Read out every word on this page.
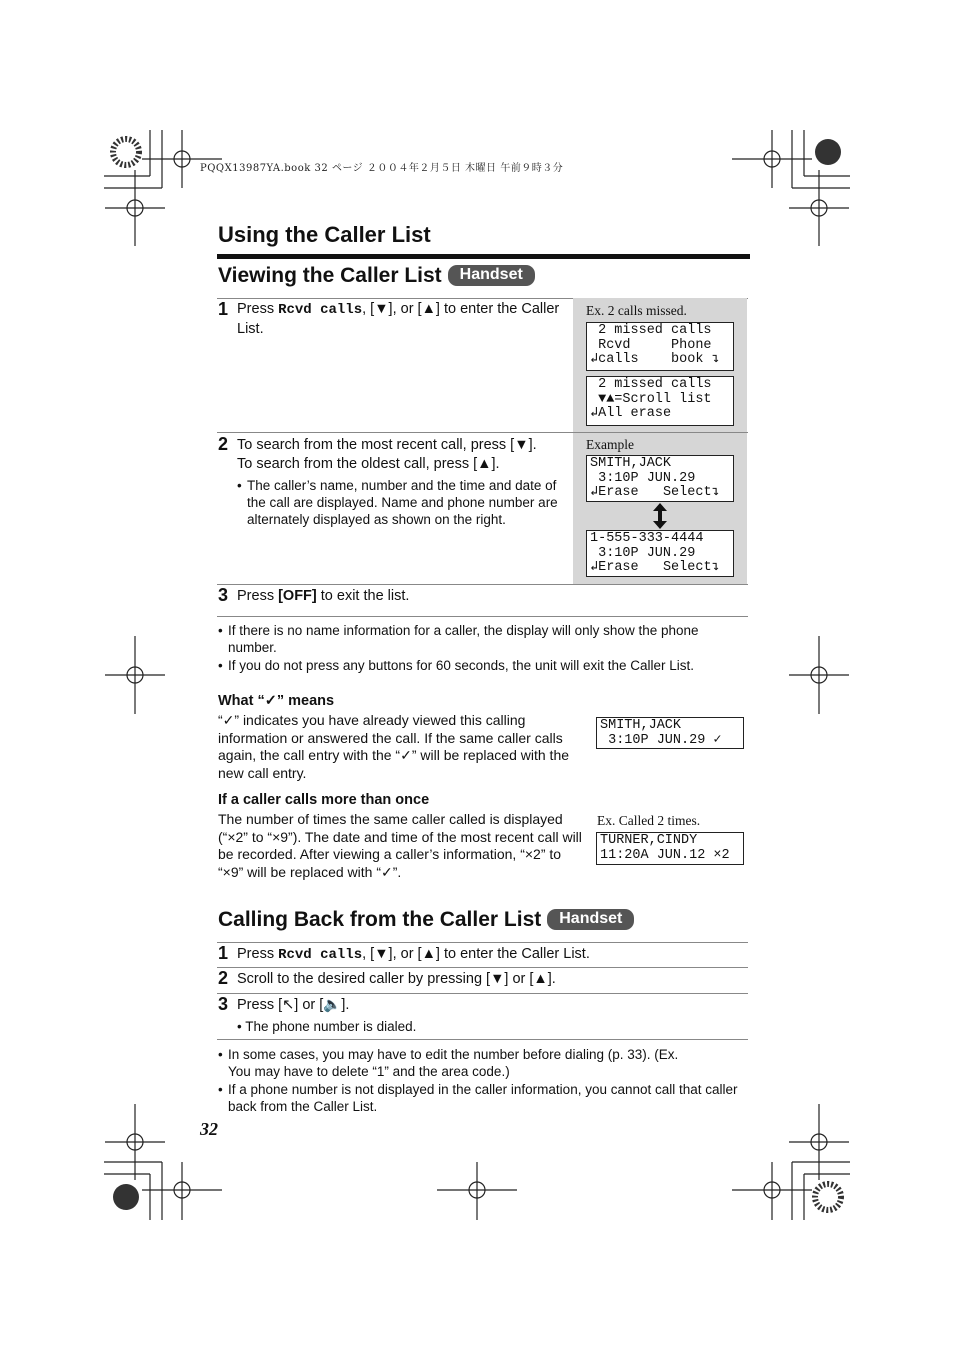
PQQX13987YA.book 32 ページ ２００４年２月５日 木曜日 午前９時３分
Using the Caller List
Viewing the Caller List Handset
1 Press Rcvd calls, [▼], or [▲] to enter the Caller List.
Ex. 2 calls missed.
2 missed calls
Rcvd     Phone
↲calls    book ↴
2 missed calls
▼▲=Scroll list
↲All erase
2 To search from the most recent call, press [▼].
To search from the oldest call, press [▲].
• The caller’s name, number and the time and date of the call are displayed. Name and phone number are alternately displayed as shown on the right.
Example
SMITH,JACK
3:10P JUN.29
↲Erase   Select↴
1-555-333-4444
3:10P JUN.29
↲Erase   Select↴
3 Press [OFF] to exit the list.
• If there is no name information for a caller, the display will only show the phone number.
• If you do not press any buttons for 60 seconds, the unit will exit the Caller List.
What “✓” means
“✓” indicates you have already viewed this calling information or answered the call. If the same caller calls again, the call entry with the “✓” will be replaced with the new call entry.
SMITH,JACK
3:10P JUN.29 ✓
If a caller calls more than once
The number of times the same caller called is displayed (“×2” to “×9”). The date and time of the most recent call will be recorded. After viewing a caller’s information, “×2” to “×9” will be replaced with “✓”.
Ex. Called 2 times.
TURNER,CINDY
11:20A JUN.12 ×2
Calling Back from the Caller List Handset
1 Press Rcvd calls, [▼], or [▲] to enter the Caller List.
2 Scroll to the desired caller by pressing [▼] or [▲].
3 Press [↖] or [🔈].
• The phone number is dialed.
• In some cases, you may have to edit the number before dialing (p. 33). (Ex. You may have to delete “1” and the area code.)
• If a phone number is not displayed in the caller information, you cannot call that caller back from the Caller List.
32
